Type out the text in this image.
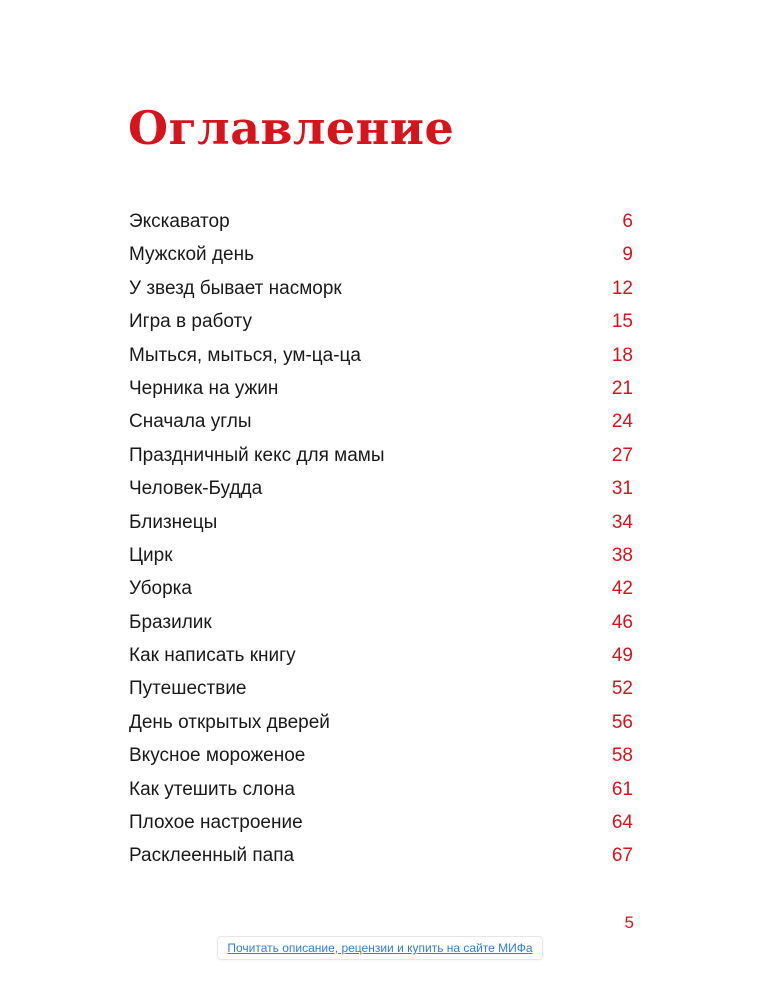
Оглавление
Экскаватор	6
Мужской день	9
У звезд бывает насморк	12
Игра в работу	15
Мыться, мыться, ум-ца-ца	18
Черника на ужин	21
Сначала углы	24
Праздничный кекс для мамы	27
Человек-Будда	31
Близнецы	34
Цирк	38
Уборка	42
Бразилик	46
Как написать книгу	49
Путешествие	52
День открытых дверей	56
Вкусное мороженое	58
Как утешить слона	61
Плохое настроение	64
Расклеенный папа	67
5
Почитать описание, рецензии и купить на сайте МИФа
